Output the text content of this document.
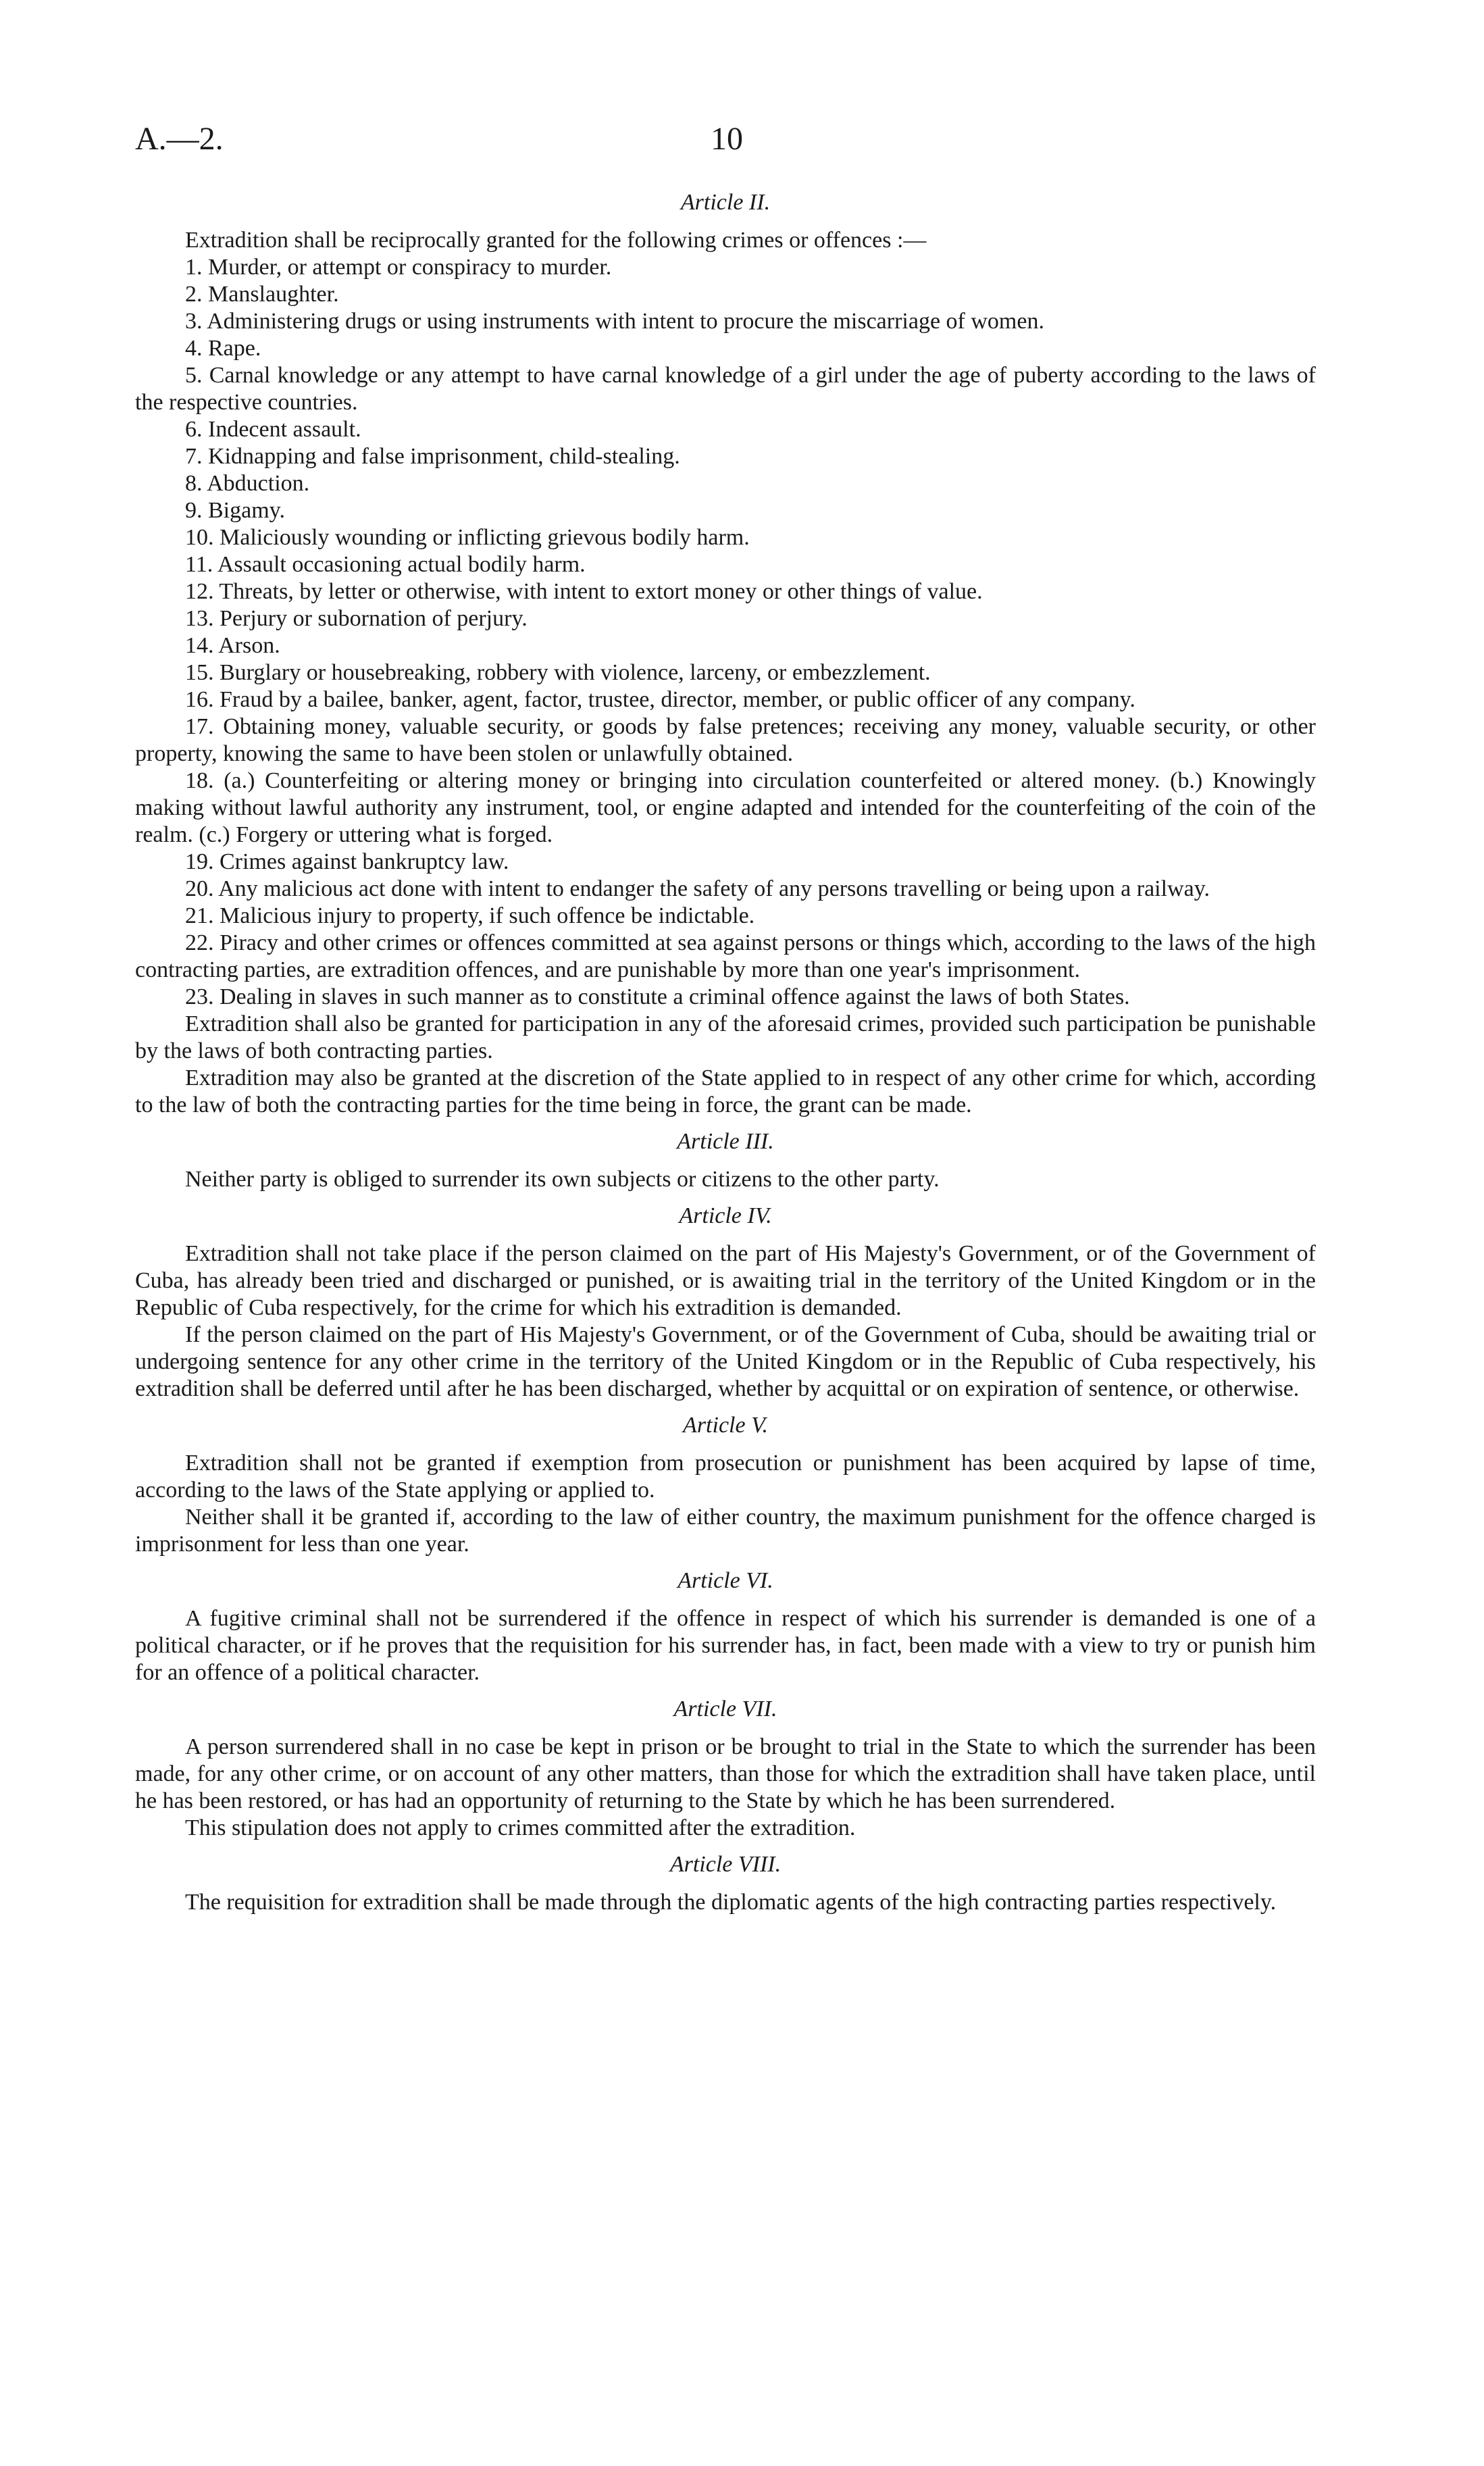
A.—2.	10
Article II.

Extradition shall be reciprocally granted for the following crimes or offences :—

1. Murder, or attempt or conspiracy to murder.

2. Manslaughter.

3. Administering drugs or using instruments with intent to procure the miscarriage of women.

4. Rape.

5. Carnal knowledge or any attempt to have carnal knowledge of a girl under the age of puberty according to the laws of the respective countries.

6. Indecent assault.

7. Kidnapping and false imprisonment, child-stealing.

8. Abduction.

9. Bigamy.

10. Maliciously wounding or inflicting grievous bodily harm.

11. Assault occasioning actual bodily harm.

12. Threats, by letter or otherwise, with intent to extort money or other things of value.

13. Perjury or subornation of perjury.

14. Arson.

15. Burglary or housebreaking, robbery with violence, larceny, or embezzlement.

16. Fraud by a bailee, banker, agent, factor, trustee, director, member, or public officer of any company.

17. Obtaining money, valuable security, or goods by false pretences; receiving any money, valuable security, or other property, knowing the same to have been stolen or unlawfully obtained.

18. (a.) Counterfeiting or altering money or bringing into circulation counterfeited or altered money. (b.) Knowingly making without lawful authority any instrument, tool, or engine adapted and intended for the counterfeiting of the coin of the realm. (c.) Forgery or uttering what is forged.

19. Crimes against bankruptcy law.

20. Any malicious act done with intent to endanger the safety of any persons travelling or being upon a railway.

21. Malicious injury to property, if such offence be indictable.

22. Piracy and other crimes or offences committed at sea against persons or things which, according to the laws of the high contracting parties, are extradition offences, and are punishable by more than one year's imprisonment.

23. Dealing in slaves in such manner as to constitute a criminal offence against the laws of both States.

Extradition shall also be granted for participation in any of the aforesaid crimes, provided such participation be punishable by the laws of both contracting parties.

Extradition may also be granted at the discretion of the State applied to in respect of any other crime for which, according to the law of both the contracting parties for the time being in force, the grant can be made.

Article III.

Neither party is obliged to surrender its own subjects or citizens to the other party.

Article IV.

Extradition shall not take place if the person claimed on the part of His Majesty's Government, or of the Government of Cuba, has already been tried and discharged or punished, or is awaiting trial in the territory of the United Kingdom or in the Republic of Cuba respectively, for the crime for which his extradition is demanded.

If the person claimed on the part of His Majesty's Government, or of the Government of Cuba, should be awaiting trial or undergoing sentence for any other crime in the territory of the United Kingdom or in the Republic of Cuba respectively, his extradition shall be deferred until after he has been discharged, whether by acquittal or on expiration of sentence, or otherwise.

Article V.

Extradition shall not be granted if exemption from prosecution or punishment has been acquired by lapse of time, according to the laws of the State applying or applied to.

Neither shall it be granted if, according to the law of either country, the maximum punishment for the offence charged is imprisonment for less than one year.

Article VI.

A fugitive criminal shall not be surrendered if the offence in respect of which his surrender is demanded is one of a political character, or if he proves that the requisition for his surrender has, in fact, been made with a view to try or punish him for an offence of a political character.

Article VII.

A person surrendered shall in no case be kept in prison or be brought to trial in the State to which the surrender has been made, for any other crime, or on account of any other matters, than those for which the extradition shall have taken place, until he has been restored, or has had an opportunity of returning to the State by which he has been surrendered.

This stipulation does not apply to crimes committed after the extradition.

Article VIII.

The requisition for extradition shall be made through the diplomatic agents of the high contracting parties respectively.
